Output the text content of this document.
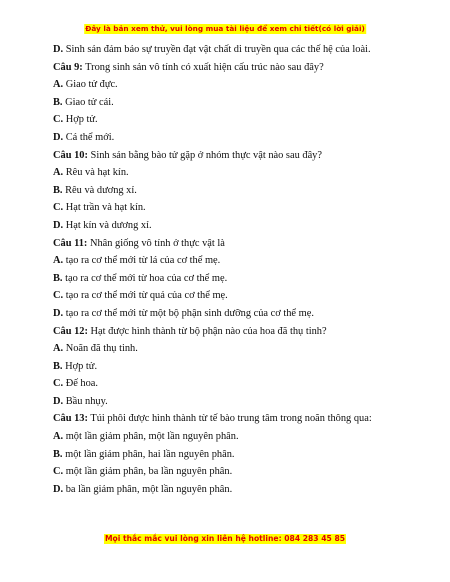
Đây là bản xem thử, vui lòng mua tài liệu để xem chi tiết(có lời giải)
D. Sinh sản đảm bảo sự truyền đạt vật chất di truyền qua các thế hệ của loài.
Câu 9: Trong sinh sản vô tính có xuất hiện cấu trúc nào sau đây?
A. Giao tử đực.
B. Giao tử cái.
C. Hợp tử.
D. Cá thể mới.
Câu 10: Sinh sản bằng bào tử gặp ở nhóm thực vật nào sau đây?
A. Rêu và hạt kín.
B. Rêu và dương xỉ.
C. Hạt trần và hạt kín.
D. Hạt kín và dương xỉ.
Câu 11: Nhân giống vô tính ở thực vật là
A. tạo ra cơ thể mới từ lá của cơ thể mẹ.
B. tạo ra cơ thể mới từ hoa của cơ thể mẹ.
C. tạo ra cơ thể mới từ quả của cơ thể mẹ.
D. tạo ra cơ thể mới từ một bộ phận sinh dưỡng của cơ thể mẹ.
Câu 12: Hạt được hình thành từ bộ phận nào của hoa đã thụ tinh?
A. Noãn đã thụ tinh.
B. Hợp tử.
C. Đế hoa.
D. Bầu nhụy.
Câu 13: Túi phôi được hình thành từ tế bào trung tâm trong noãn thông qua:
A. một lần giảm phân, một lần nguyên phân.
B. một lần giảm phân, hai lần nguyên phân.
C. một lần giảm phân, ba lần nguyên phân.
D. ba lần giảm phân, một lần nguyên phân.
Mọi thắc mắc vui lòng xin liên hệ hotline: 084 283 45 85
